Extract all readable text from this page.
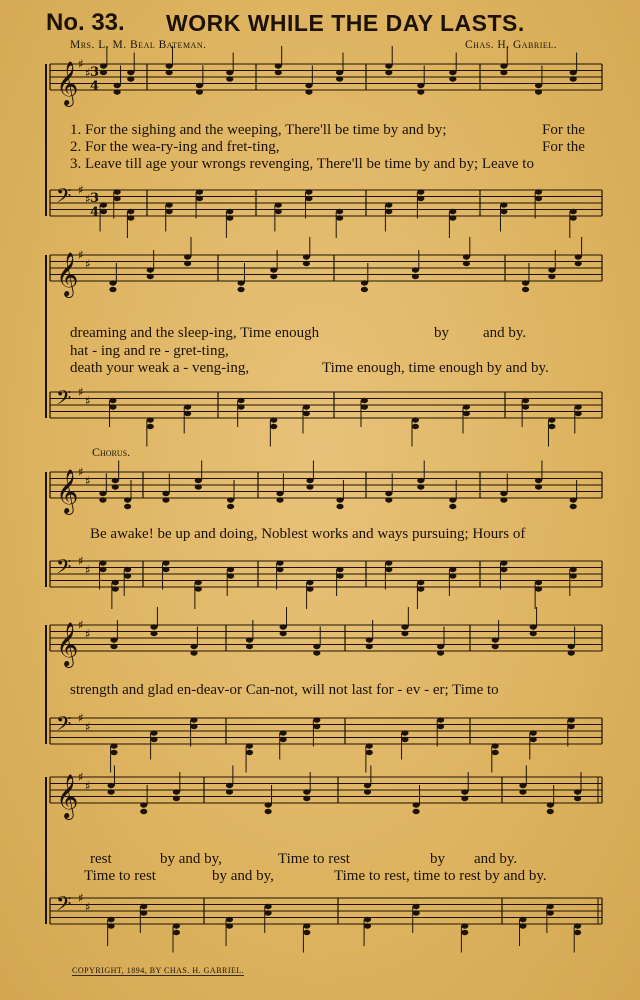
𝄞 ♯
♯
𝄢 ♯
♯
𝄞 ♯
♯
𝄢 ♯
♯
𝄞 ♯
♯
𝄢 ♯
♯
𝄞 ♯
♯
𝄢 ♯
♯
𝄞 ♯
♯
𝄢 ♯
♯
3
4
3
4
No. 33. WORK WHILE THE DAY LASTS.
Mrs. L. M. Beal Bateman.	Chas. H. Gabriel.
1. For the sighing and the weeping, There'll be time by and by;	For the
2. For the wea-ry-ing and fret-ting,	For the
3. Leave till age your wrongs revenging, There'll be time by and by; Leave to
dreaming and the sleep-ing, Time enough	by and by.
hat - ing and re - gret-ting,
death your weak a - veng-ing,	Time enough, time enough by and by.
Chorus.
Be awake! be up and doing, Noblest works and ways pursuing; Hours of
strength and glad en-deav-or Can-not, will not last for - ev - er; Time to
rest	by and by,	Time to rest	by and by.
Time to rest	by and by,	Time to rest, time to rest by and by.
COPYRIGHT, 1894, BY CHAS. H. GABRIEL.
